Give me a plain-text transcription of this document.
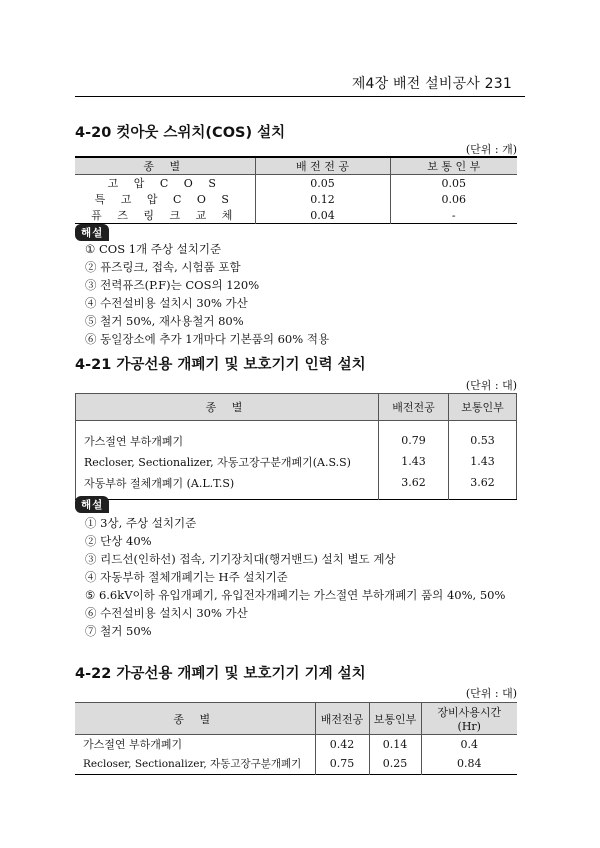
제4장 배전 설비공사 231
4-20 컷아웃 스위치(COS) 설치
(단위 : 개)
종 별	배 전 전 공	보 통 인 부
고 압 C O S	0.05	0.05
특 고 압 C O S	0.12	0.06
퓨 즈 링 크 교 체	0.04	-
해설
① COS 1개 주상 설치기준
② 퓨즈링크, 접속, 시험품 포함
③ 전력퓨즈(P.F)는 COS의 120%
④ 수전설비용 설치시 30% 가산
⑤ 철거 50%, 재사용철거 80%
⑥ 동일장소에 추가 1개마다 기본품의 60% 적용
4-21 가공선용 개폐기 및 보호기기 인력 설치
(단위 : 대)
종 별	배전전공	보통인부
가스절연 부하개폐기	0.79	0.53
Recloser, Sectionalizer, 자동고장구분개폐기(A.S.S)	1.43	1.43
자동부하 절체개폐기 (A.L.T.S)	3.62	3.62
해설
① 3상, 주상 설치기준
② 단상 40%
③ 리드선(인하선) 접속, 기기장치대(행거밴드) 설치 별도 계상
④ 자동부하 절체개폐기는 H주 설치기준
⑤ 6.6kV이하 유입개폐기, 유입전자개폐기는 가스절연 부하개폐기 품의 40%, 50%
⑥ 수전설비용 설치시 30% 가산
⑦ 철거 50%
4-22 가공선용 개폐기 및 보호기기 기계 설치
(단위 : 대)
종 별	배전전공	보통인부	장비사용시간 (Hr)
가스절연 부하개폐기	0.42	0.14	0.4
Recloser, Sectionalizer, 자동고장구분개폐기	0.75	0.25	0.84
